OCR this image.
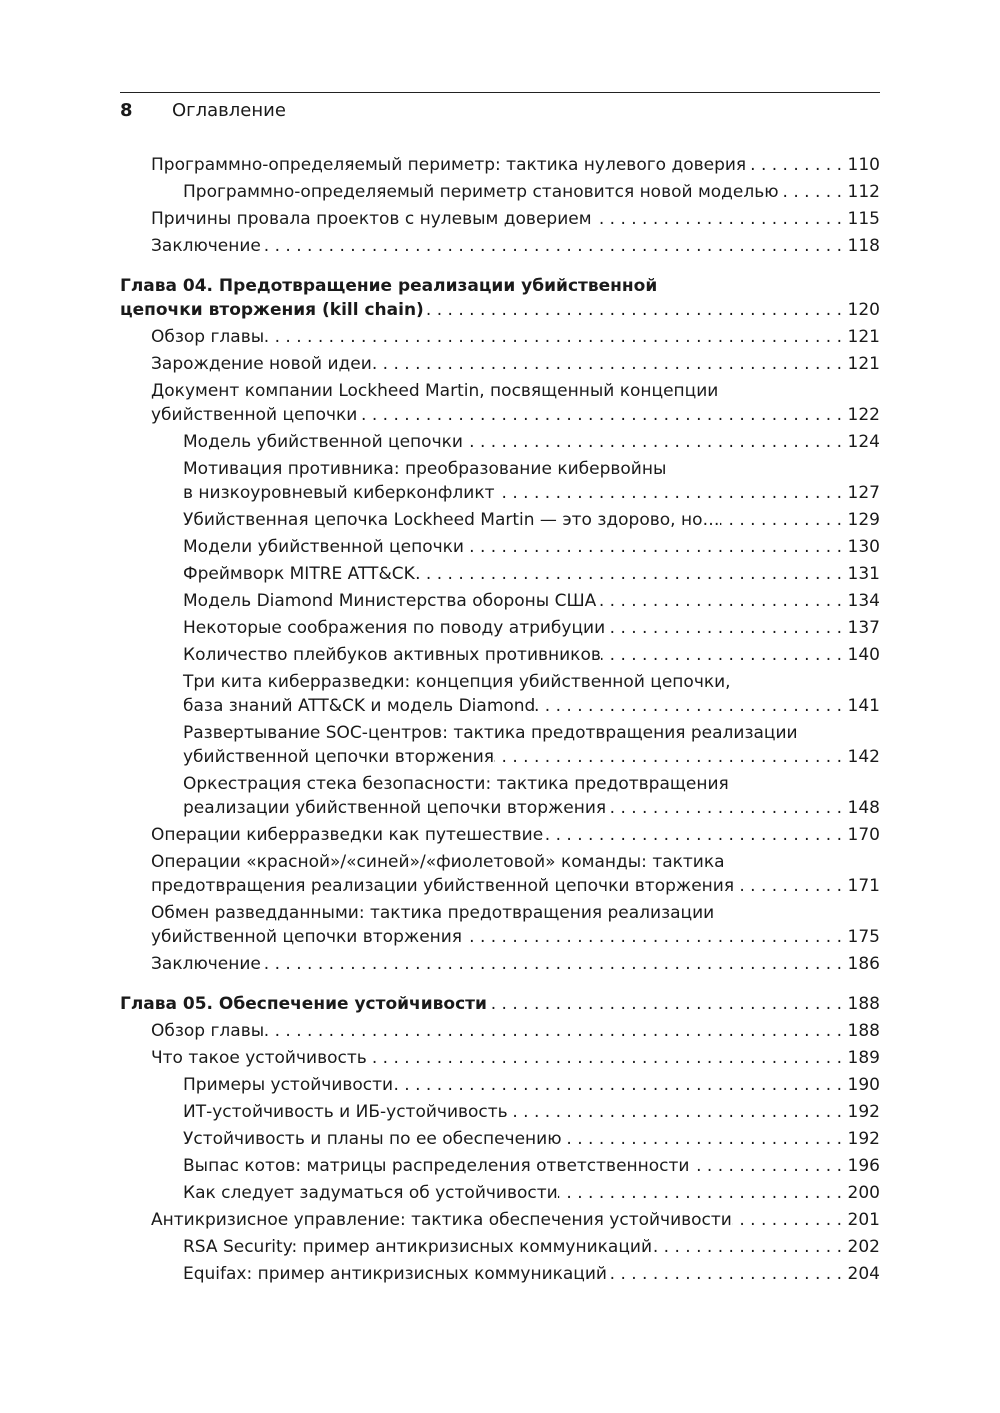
8 Оглавление
Программно-определяемый периметр: тактика нулевого доверия . . .	110
Программно-определяемый периметр становится новой моделью . . .	112
Причины провала проектов с нулевым доверием . . .	115
Заключение . . .	118
Глава 04. Предотвращение реализации убийственной
цепочки вторжения (kill chain) . . .	120
Обзор главы . . .	121
Зарождение новой идеи . . .	121
Документ компании Lockheed Martin, посвященный концепции
убийственной цепочки . . .	122
Модель убийственной цепочки . . .	124
Мотивация противника: преобразование кибервойны
в низкоуровневый киберконфликт . . .	127
Убийственная цепочка Lockheed Martin — это здорово, но… . . .	129
Модели убийственной цепочки . . .	130
Фреймворк MITRE ATT&CK . . .	131
Модель Diamond Министерства обороны США . . .	134
Некоторые соображения по поводу атрибуции . . .	137
Количество плейбуков активных противников . . .	140
Три кита киберразведки: концепция убийственной цепочки,
база знаний ATT&CK и модель Diamond . . .	141
Развертывание SOC-центров: тактика предотвращения реализации
убийственной цепочки вторжения . . .	142
Оркестрация стека безопасности: тактика предотвращения
реализации убийственной цепочки вторжения . . .	148
Операции киберразведки как путешествие . . .	170
Операции «красной»/«синей»/«фиолетовой» команды: тактика
предотвращения реализации убийственной цепочки вторжения . . .	171
Обмен разведданными: тактика предотвращения реализации
убийственной цепочки вторжения . . .	175
Заключение . . .	186
Глава 05. Обеспечение устойчивости . . .	188
Обзор главы . . .	188
Что такое устойчивость . . .	189
Примеры устойчивости . . .	190
ИТ-устойчивость и ИБ-устойчивость . . .	192
Устойчивость и планы по ее обеспечению . . .	192
Выпас котов: матрицы распределения ответственности . . .	196
Как следует задуматься об устойчивости . . .	200
Антикризисное управление: тактика обеспечения устойчивости . . .	201
RSA Security: пример антикризисных коммуникаций . . .	202
Equifax: пример антикризисных коммуникаций . . .	204
